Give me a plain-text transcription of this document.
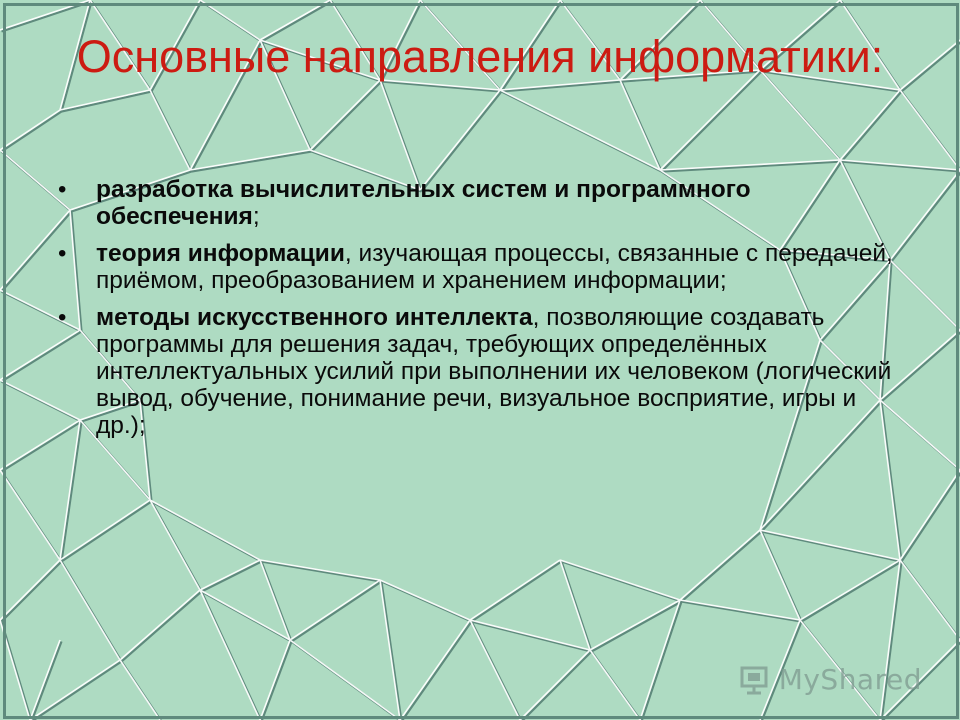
Основные направления информатики:
• разработка вычислительных систем и программного обеспечения;
• теория информации, изучающая процессы, связанные с передачей, приёмом, преобразованием и хранением информации;
• методы искусственного интеллекта, позволяющие создавать программы для решения задач, требующих определённых интеллектуальных усилий при выполнении их человеком (логический вывод, обучение, понимание речи, визуальное восприятие, игры и др.);
MyShared
